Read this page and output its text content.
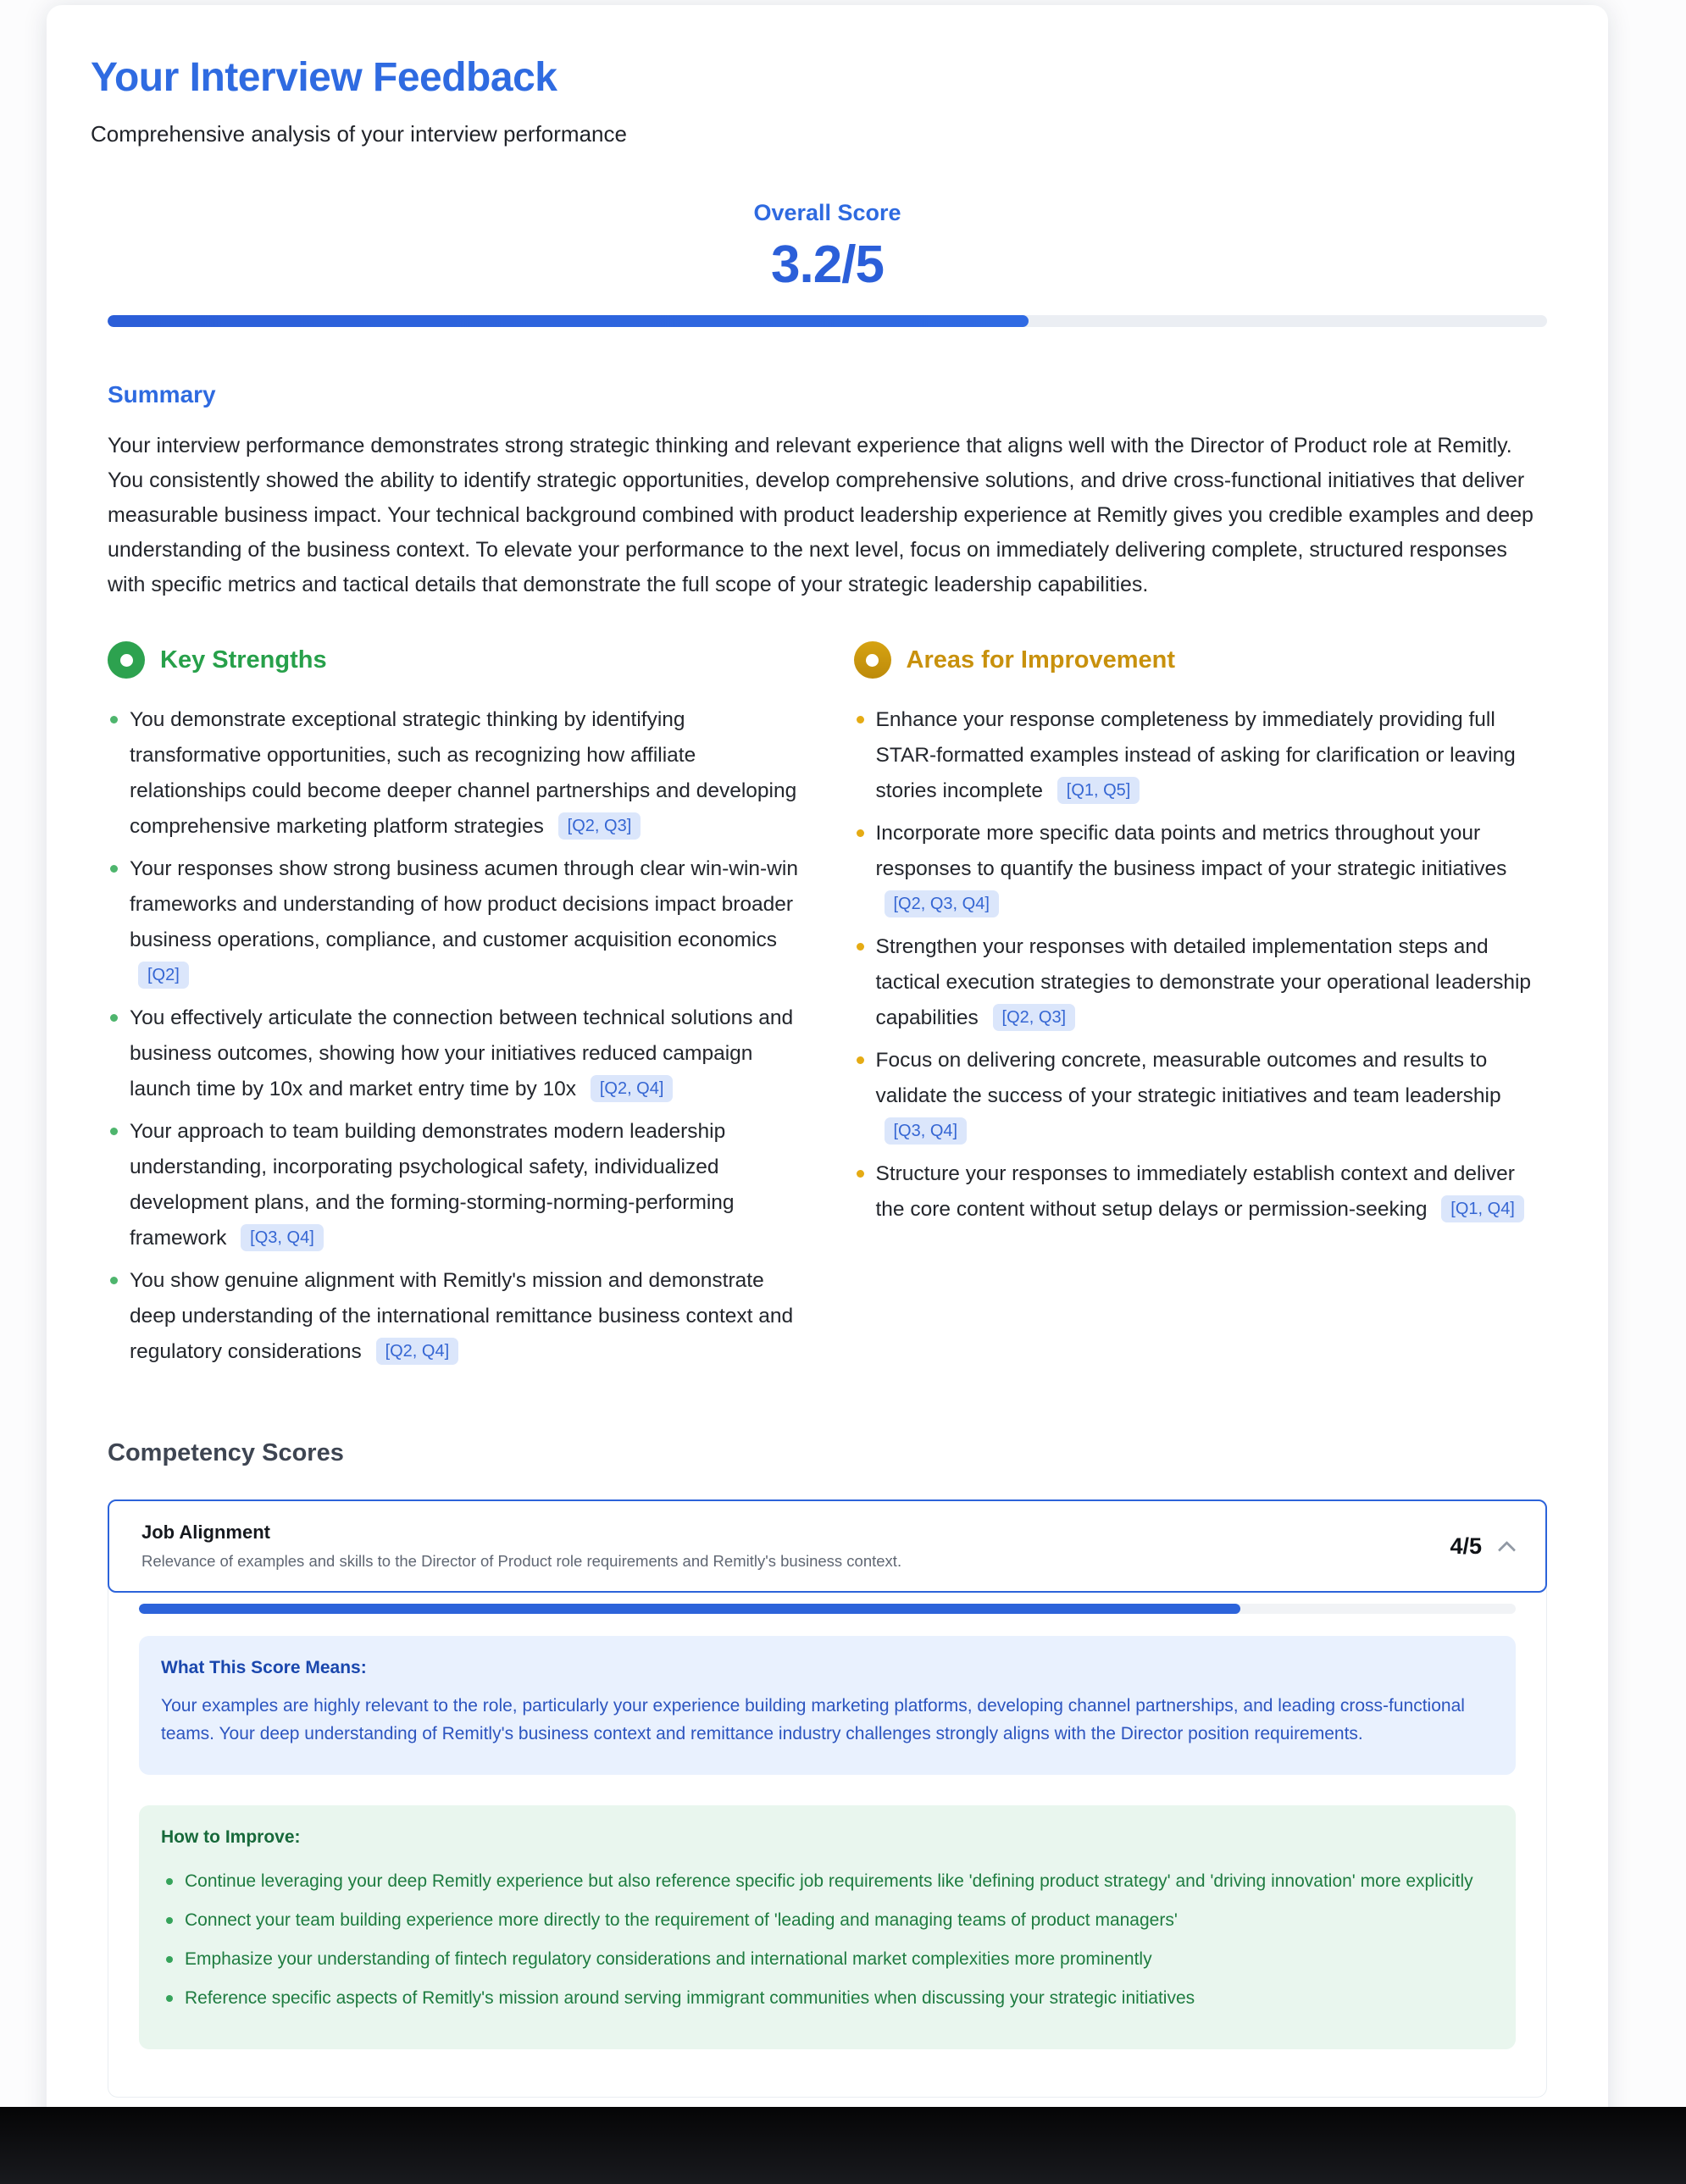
Your Interview Feedback
Comprehensive analysis of your interview performance
Overall Score
3.2/5
Summary

Your interview performance demonstrates strong strategic thinking and relevant experience that aligns well with the Director of Product role at Remitly. You consistently showed the ability to identify strategic opportunities, develop comprehensive solutions, and drive cross-functional initiatives that deliver measurable business impact. Your technical background combined with product leadership experience at Remitly gives you credible examples and deep understanding of the business context. To elevate your performance to the next level, focus on immediately delivering complete, structured responses with specific metrics and tactical details that demonstrate the full scope of your strategic leadership capabilities.

Key Strengths
You demonstrate exceptional strategic thinking by identifying transformative opportunities, such as recognizing how affiliate relationships could become deeper channel partnerships and developing comprehensive marketing platform strategies [Q2, Q3]
Your responses show strong business acumen through clear win-win-win frameworks and understanding of how product decisions impact broader business operations, compliance, and customer acquisition economics [Q2]
You effectively articulate the connection between technical solutions and business outcomes, showing how your initiatives reduced campaign launch time by 10x and market entry time by 10x [Q2, Q4]
Your approach to team building demonstrates modern leadership understanding, incorporating psychological safety, individualized development plans, and the forming-storming-norming-performing framework [Q3, Q4]
You show genuine alignment with Remitly's mission and demonstrate deep understanding of the international remittance business context and regulatory considerations [Q2, Q4]
Areas for Improvement
Enhance your response completeness by immediately providing full STAR-formatted examples instead of asking for clarification or leaving stories incomplete [Q1, Q5]
Incorporate more specific data points and metrics throughout your responses to quantify the business impact of your strategic initiatives [Q2, Q3, Q4]
Strengthen your responses with detailed implementation steps and tactical execution strategies to demonstrate your operational leadership capabilities [Q2, Q3]
Focus on delivering concrete, measurable outcomes and results to validate the success of your strategic initiatives and team leadership [Q3, Q4]
Structure your responses to immediately establish context and deliver the core content without setup delays or permission-seeking [Q1, Q4]
Competency Scores
Job Alignment
Relevance of examples and skills to the Director of Product role requirements and Remitly's business context.
4/5
What This Score Means:

Your examples are highly relevant to the role, particularly your experience building marketing platforms, developing channel partnerships, and leading cross-functional teams. Your deep understanding of Remitly's business context and remittance industry challenges strongly aligns with the Director position requirements.

How to Improve:
Continue leveraging your deep Remitly experience but also reference specific job requirements like 'defining product strategy' and 'driving innovation' more explicitly
Connect your team building experience more directly to the requirement of 'leading and managing teams of product managers'
Emphasize your understanding of fintech regulatory considerations and international market complexities more prominently
Reference specific aspects of Remitly's mission around serving immigrant communities when discussing your strategic initiatives
